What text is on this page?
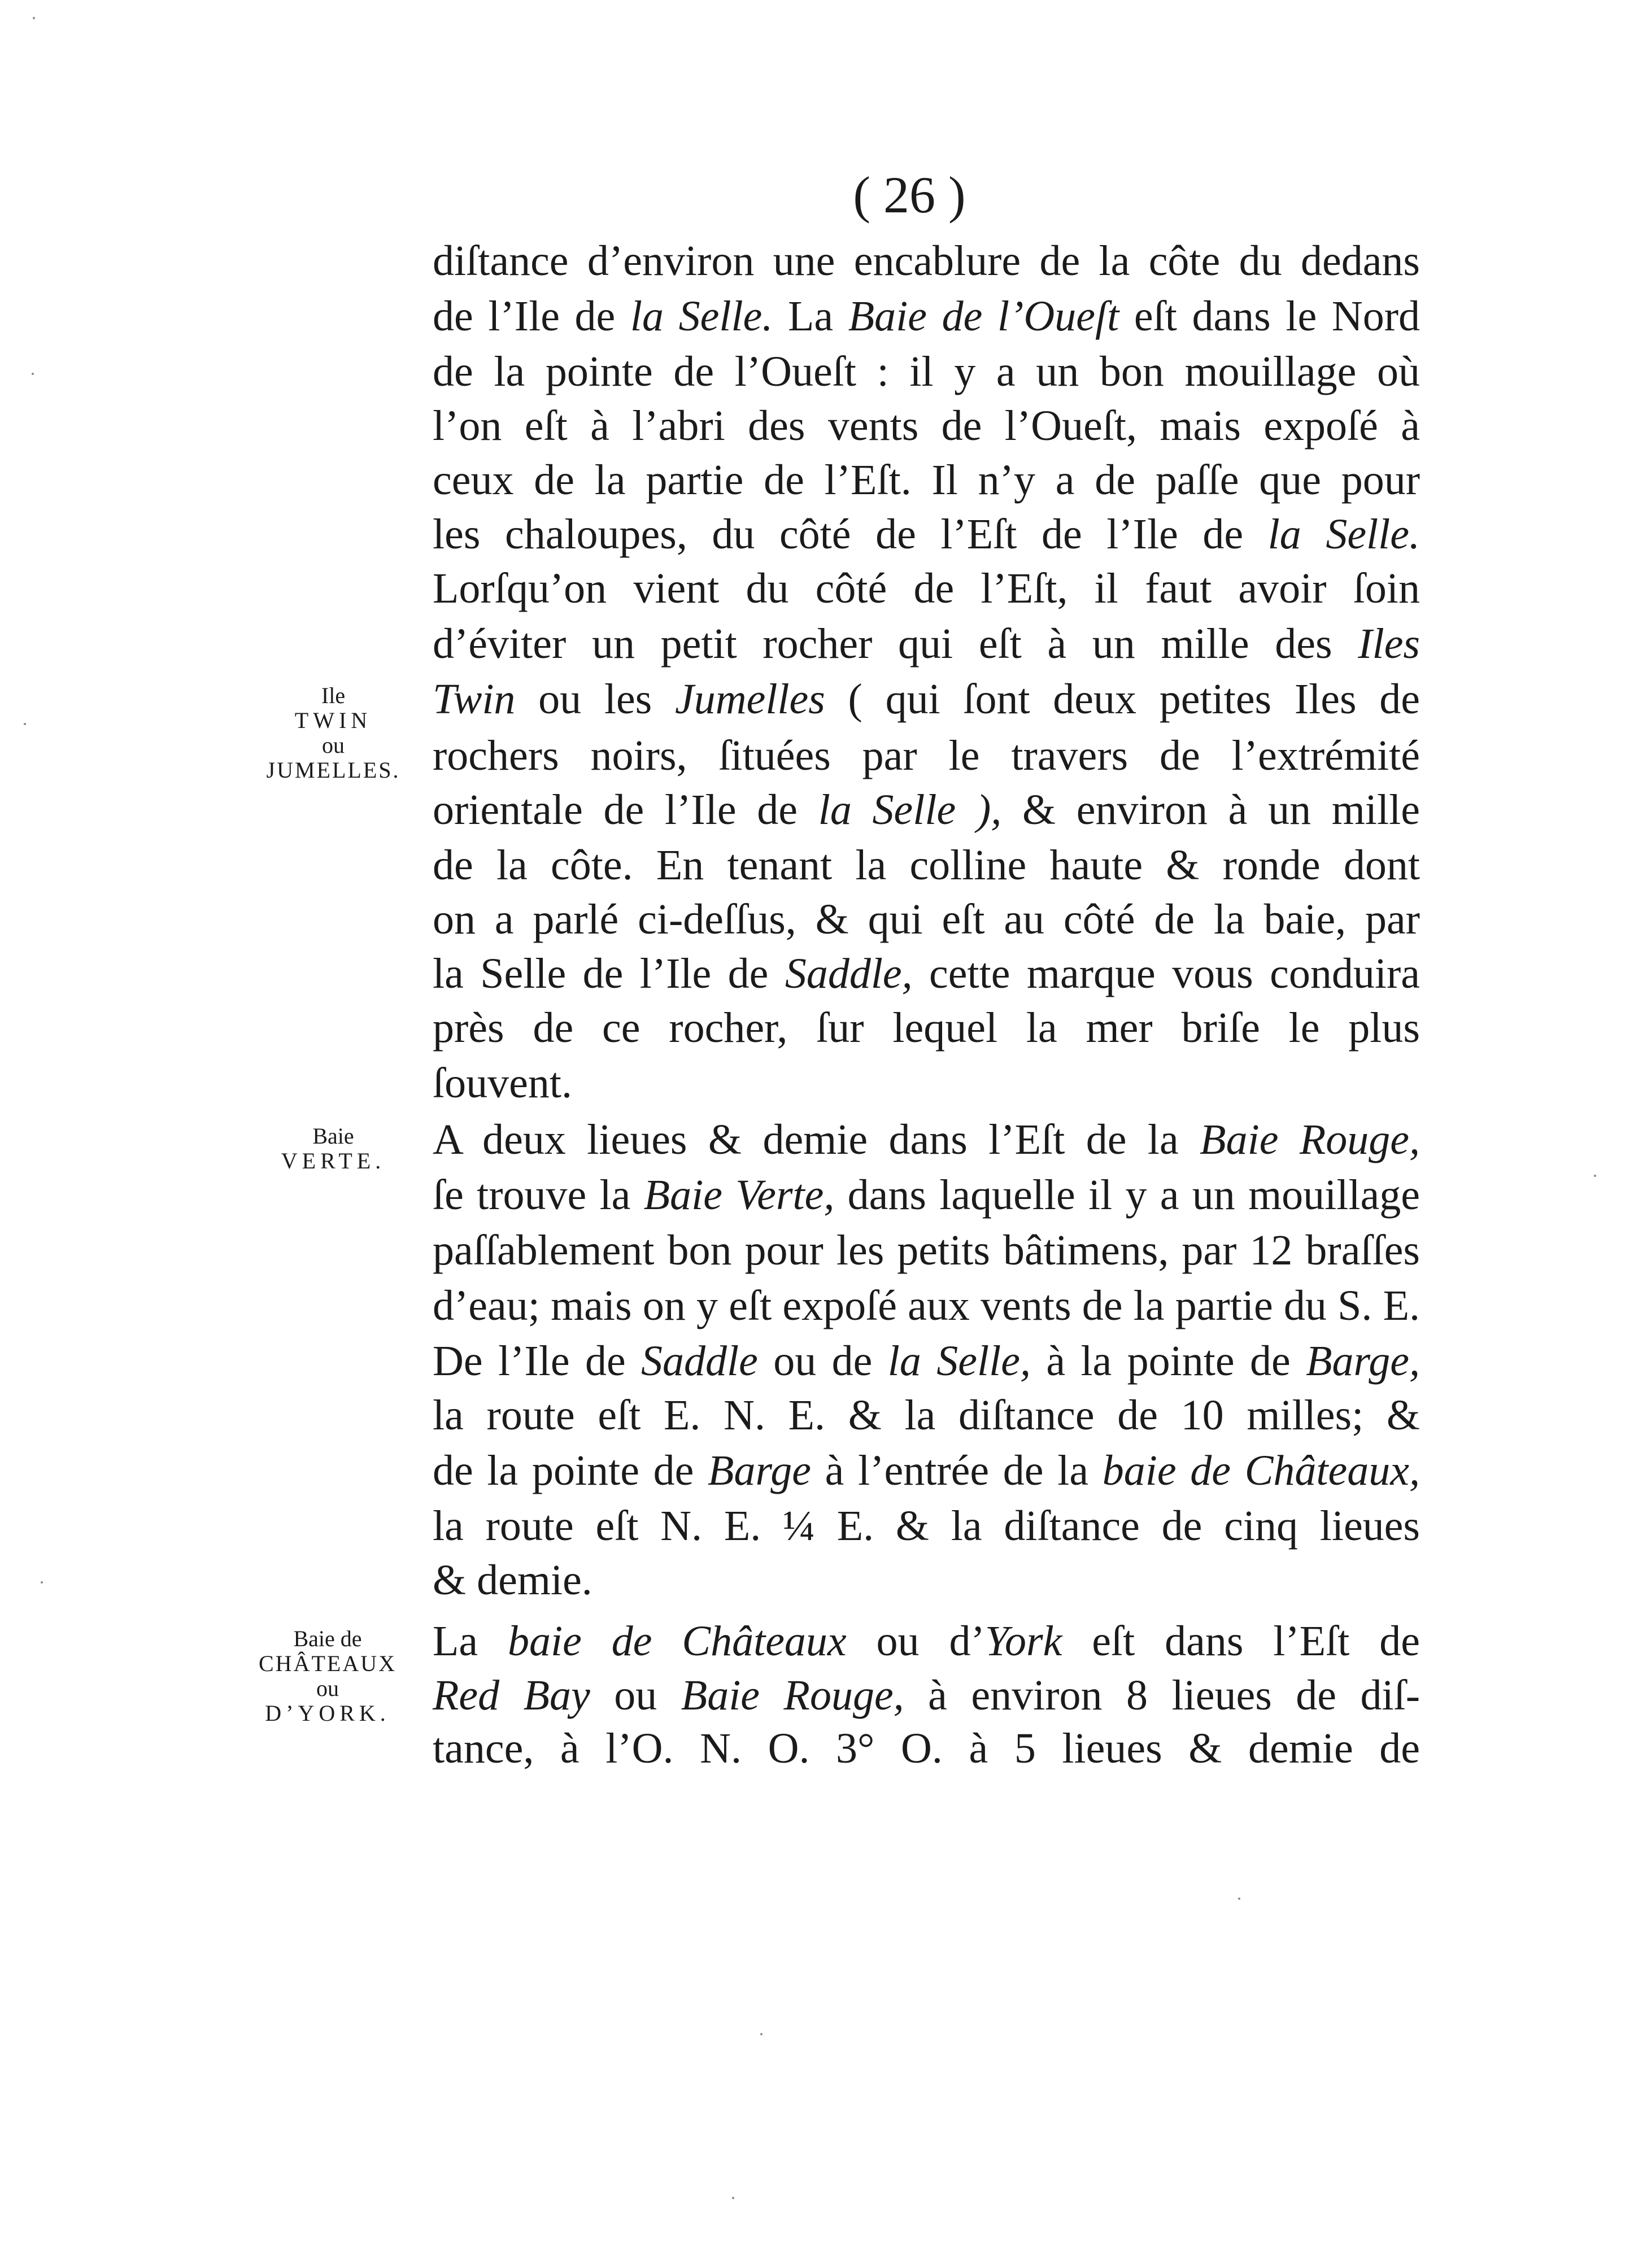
( 26 )
diſtance d’environ une encablure de la côte du dedans
de l’Ile de la Selle. La Baie de l’Oueſt eſt dans le Nord
de la pointe de l’Oueſt : il y a un bon mouillage où
l’on eſt à l’abri des vents de l’Oueſt, mais expoſé à
ceux de la partie de l’Eſt. Il n’y a de paſſe que pour
les chaloupes, du côté de l’Eſt de l’Ile de la Selle.
Lorſqu’on vient du côté de l’Eſt, il faut avoir ſoin
d’éviter un petit rocher qui eſt à un mille des Iles
Twin ou les Jumelles ( qui ſont deux petites Iles de
rochers noirs, ſituées par le travers de l’extrémité
orientale de l’Ile de la Selle ), & environ à un mille
de la côte. En tenant la colline haute & ronde dont
on a parlé ci-deſſus, & qui eſt au côté de la baie, par
la Selle de l’Ile de Saddle, cette marque vous conduira
près de ce rocher, ſur lequel la mer briſe le plus
ſouvent.
A deux lieues & demie dans l’Eſt de la Baie Rouge,
ſe trouve la Baie Verte, dans laquelle il y a un mouillage
paſſablement bon pour les petits bâtimens, par 12 braſſes
d’eau; mais on y eſt expoſé aux vents de la partie du S. E.
De l’Ile de Saddle ou de la Selle, à la pointe de Barge,
la route eſt E. N. E. & la diſtance de 10 milles; &
de la pointe de Barge à l’entrée de la baie de Châteaux,
la route eſt N. E. ¼ E. & la diſtance de cinq lieues
& demie.
La baie de Châteaux ou d’York eſt dans l’Eſt de
Red Bay ou Baie Rouge, à environ 8 lieues de diſ-
tance, à l’O. N. O. 3° O. à 5 lieues & demie de
Ile
TWIN
ou
JUMELLES.
Baie
VERTE.
Baie de
CHÂTEAUX
ou
D’YORK.
